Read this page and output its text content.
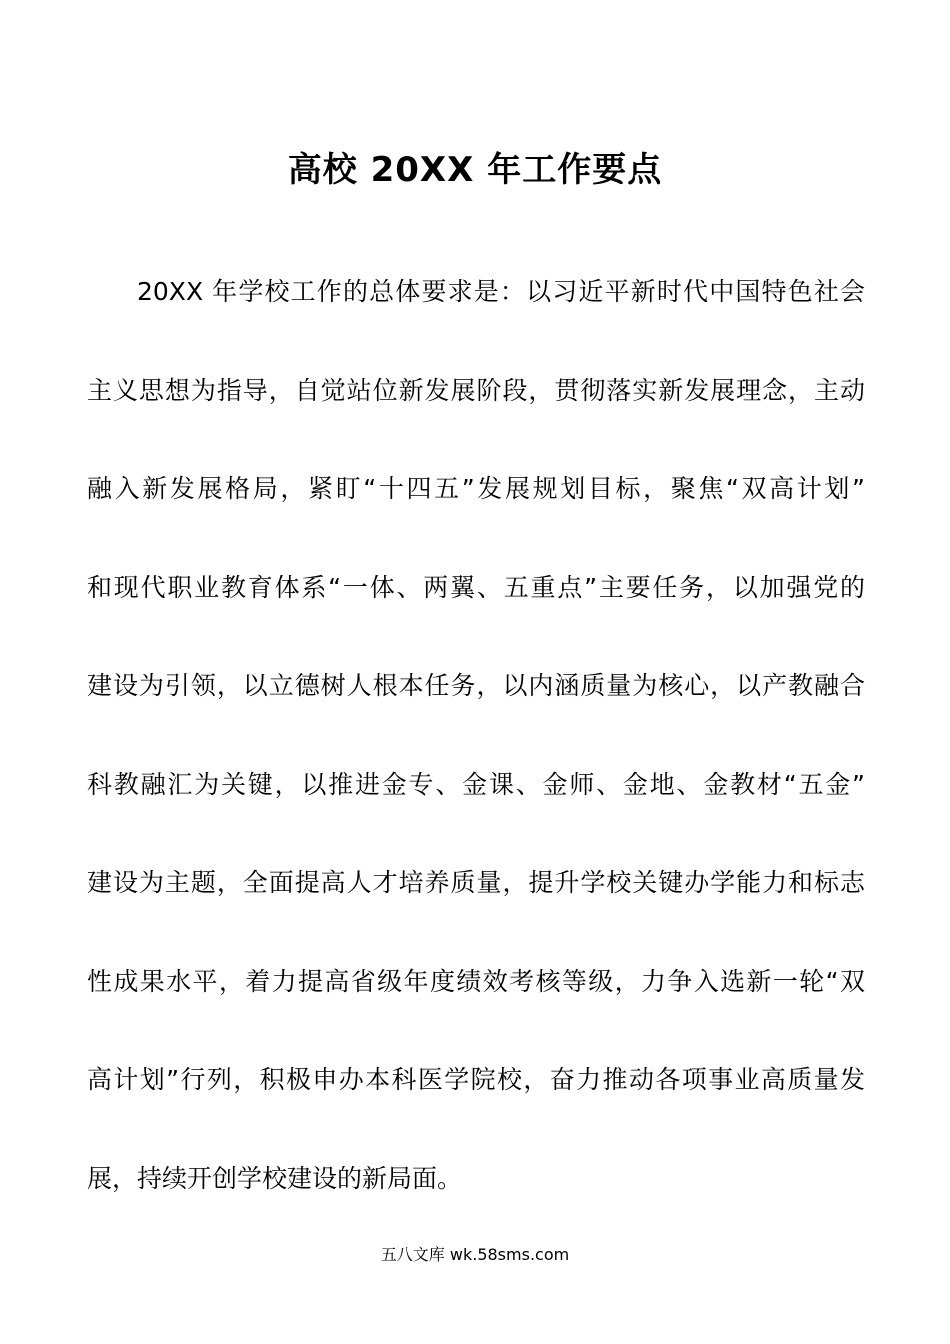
高校 20XX 年工作要点
20XX 年学校工作的总体要求是：以习近平新时代中国特色社会
主义思想为指导，自觉站位新发展阶段，贯彻落实新发展理念，主动
融入新发展格局，紧盯“十四五”发展规划目标，聚焦“双高计划”
和现代职业教育体系“一体、两翼、五重点”主要任务，以加强党的
建设为引领，以立德树人根本任务，以内涵质量为核心，以产教融合
科教融汇为关键，以推进金专、金课、金师、金地、金教材“五金”
建设为主题，全面提高人才培养质量，提升学校关键办学能力和标志
性成果水平，着力提高省级年度绩效考核等级，力争入选新一轮“双
高计划”行列，积极申办本科医学院校，奋力推动各项事业高质量发
展，持续开创学校建设的新局面。
五八文库 wk.58sms.com
